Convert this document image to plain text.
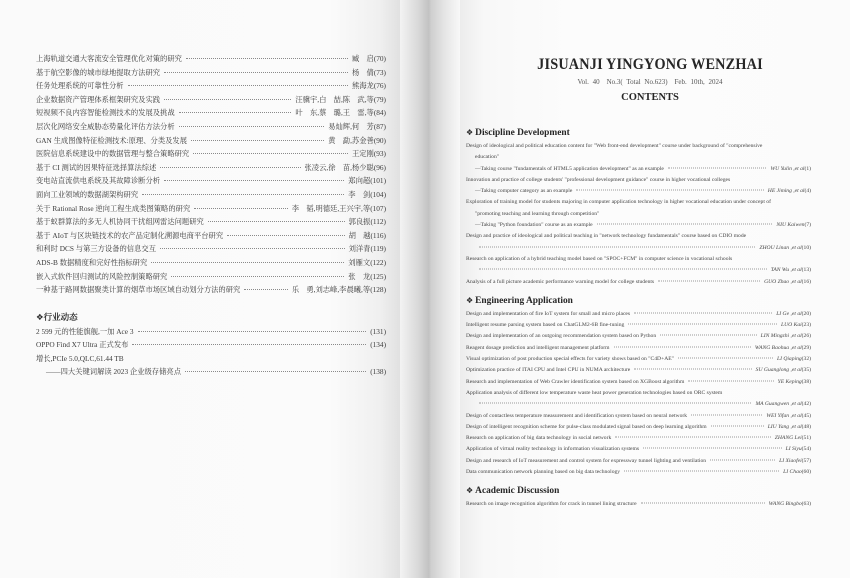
上海轨道交通大客流安全管理优化对策的研究	臧　启 (70)
基于航空影像的城市绿地提取方法研究	杨　倩 (73)
任务处理系统的可靠性分析	熊海龙 (76)
企业数据资产管理体系框架研究及实践	汪骥宇,白　喆,陈　武,等 (79)
短视频不良内容智能检测技术的发展及挑战	叶　东,蔡　璐,王　雷,等 (84)
层次化网络安全威胁态势量化评估方法分析	易灿辉,何　芳 (87)
GAN 生成图像特征检测技术:原理、分类及发展	黄　勐,苏金善 (90)
医院信息系统建设中的数据管理与整合策略研究	王定刚 (93)
基于 CI 测试的因果特征选择算法综述	张凌云,徐　苗,杨少聪 (96)
变电站直流供电系统及其故障诊断分析	郑向超 (101)
面向工业领域的数据湖架构研究	李　剑 (104)
关于 Rational Rose 逆向工程生成类图策略的研究	李　韬,明德廷,王兴宇,等 (107)
基于蚁群算法的多无人机协同干扰组网雷达问题研究	郭良振 (112)
基于 AIoT 与区块链技术的农产品定制化溯源电商平台研究	胡　越 (116)
和利时 DCS 与第三方设备的信息交互	刘洋青 (119)
ADS-B 数据精度和完好性指标研究	刘雁文 (122)
嵌入式软件回归测试的风险控制策略研究	张　龙 (125)
一种基于路网数据聚类计算的烟草市场区域自动划分方法的研究	乐　勇,刘志峰,李晨曦,等 (128)
❖行业动态
2 599 元的性能旗舰,一加 Ace 3	(131)
OPPO Find X7 Ultra 正式发布	(134)
增长,PCIe 5.0,QLC,61.44 TB
——四大关键词解读 2023 企业级存储亮点	(138)
JISUANJI YINGYONG WENZHAI
Vol. 40　No.3( Total No.623)　Feb. 10th, 2024
CONTENTS
❖ Discipline Development
Design of ideological and political education content for "Web front-end development" course under background of "comprehensive
education"
—Taking course "fundamentals of HTML5 application development" as an example	WU Yulin ,et al (1)
Innovation and practice of college students' "professional development guidance" course in higher vocational colleges
—Taking computer category as an example	HE Jiming ,et al (4)
Exploration of training model for students majoring in computer application technology in higher vocational education under concept of
"promoting teaching and learning through competition"
—Taking "Python foundation" course as an example	NIU Kaiwen (7)
Design and practice of ideological and political teaching in "network technology fundamentals" course based on CDIO mode
ZHOU Linan ,et al (10)
Research on application of a hybrid teaching model based on "SPOC+FCM" in computer science in vocational schools
TAN Wu ,et al (13)
Analysis of a full picture academic performance warning model for college students	GUO Zhao ,et al (16)
❖ Engineering Application
Design and implementation of fire IoT system for small and micro places	LI Ge ,et al (20)
Intelligent resume parsing system based on ChatGLM2-6B fine-tuning	LUO Kai (23)
Design and implementation of an outgoing recommendation system based on Python	LIN Mingzhi ,et al (26)
Reagent dosage prediction and intelligent management platform	WANG Baohua ,et al (29)
Visual optimization of post production special effects for variety shows based on "C4D+AE"	LI Qiaping (32)
Optimization practice of ITAI CPU and Intel CPU in NUMA architecture	SU Guanglong ,et al (35)
Research and implementation of Web Crawler identification system based on XGBoost algorithm	YE Keping (38)
Application analysis of different low temperature waste heat power generation technologies based on ORC system
MA Guangwen ,et al (42)
Design of contactless temperature measurement and identification system based on neural network	WEI Yifan ,et al (45)
Design of intelligent recognition scheme for pulse-class modulated signal based on deep learning algorithm	LIU Yang ,et al (48)
Research on application of big data technology in social network	ZHANG Lei (51)
Application of virtual reality technology in information visualization systems	LI Siyu (54)
Design and research of IoT measurement and control system for expressway tunnel lighting and ventilation	LI Xiaofei (57)
Data communication network planning based on big data technology	LI Chao (60)
❖ Academic Discussion
Research on image recognition algorithm for crack in tunnel lining structure	WANG Bingbo (63)
